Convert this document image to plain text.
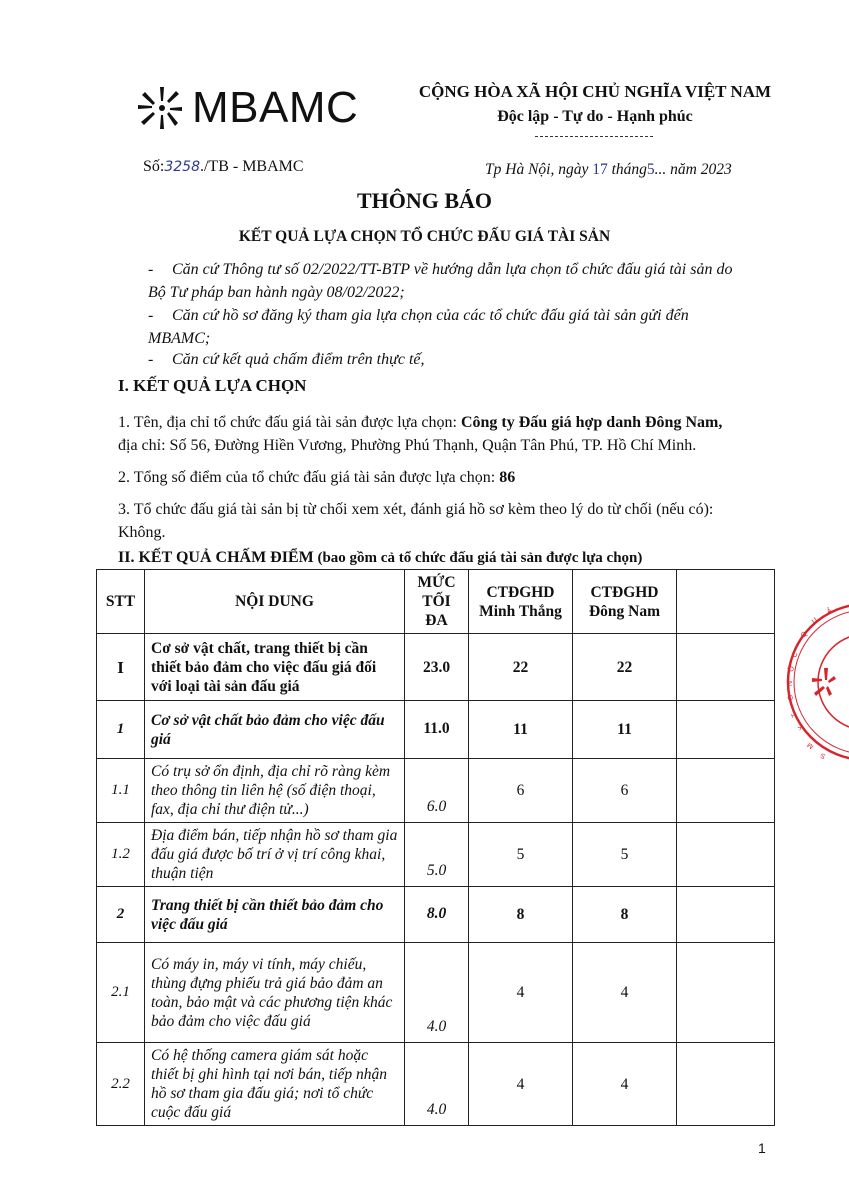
MBAMC	CỘNG HÒA XÃ HỘI CHỦ NGHĨA VIỆT NAM
Độc lập - Tự do - Hạnh phúc
Số:3258./TB - MBAMC	Tp Hà Nội, ngày 17 tháng5... năm 2023
THÔNG BÁO
KẾT QUẢ LỰA CHỌN TỔ CHỨC ĐẤU GIÁ TÀI SẢN
-	Căn cứ Thông tư số 02/2022/TT-BTP về hướng dẫn lựa chọn tổ chức đấu giá tài sản do
Bộ Tư pháp ban hành ngày 08/02/2022;
-	Căn cứ hồ sơ đăng ký tham gia lựa chọn của các tổ chức đấu giá tài sản gửi đến
MBAMC;
-	Căn cứ kết quả chấm điểm trên thực tế,
I. KẾT QUẢ LỰA CHỌN
1. Tên, địa chỉ tổ chức đấu giá tài sản được lựa chọn: Công ty Đấu giá hợp danh Đông Nam,
địa chỉ: Số 56, Đường Hiền Vương, Phường Phú Thạnh, Quận Tân Phú, TP. Hồ Chí Minh.
2. Tổng số điểm của tổ chức đấu giá tài sản được lựa chọn: 86
3. Tổ chức đấu giá tài sản bị từ chối xem xét, đánh giá hồ sơ kèm theo lý do từ chối (nếu có):
Không.
II. KẾT QUẢ CHẤM ĐIỂM (bao gồm cả tổ chức đấu giá tài sản được lựa chọn)
STT	NỘI DUNG	MỨC TỐI ĐA	CTĐGHD Minh Thắng	CTĐGHD Đông Nam	
I	Cơ sở vật chất, trang thiết bị cần thiết bảo đảm cho việc đấu giá đối với loại tài sản đấu giá	23.0	22	22	
1	Cơ sở vật chất bảo đảm cho việc đấu giá	11.0	11	11	
1.1	Có trụ sở ổn định, địa chỉ rõ ràng kèm theo thông tin liên hệ (số điện thoại, fax, địa chỉ thư điện tử...)	6.0	6	6	
1.2	Địa điểm bán, tiếp nhận hồ sơ tham gia đấu giá được bố trí ở vị trí công khai, thuận tiện	5.0	5	5	
2	Trang thiết bị cần thiết bảo đảm cho việc đấu giá	8.0	8	8	
2.1	Có máy in, máy vi tính, máy chiếu, thùng đựng phiếu trả giá bảo đảm an toàn, bảo mật và các phương tiện khác bảo đảm cho việc đấu giá	4.0	4	4	
2.2	Có hệ thống camera giám sát hoặc thiết bị ghi hình tại nơi bán, tiếp nhận hồ sơ tham gia đấu giá; nơi tổ chức cuộc đấu giá	4.0	4	4	
C
Ô
N
G
T
Y
Q
U
Ả
M
S
1
